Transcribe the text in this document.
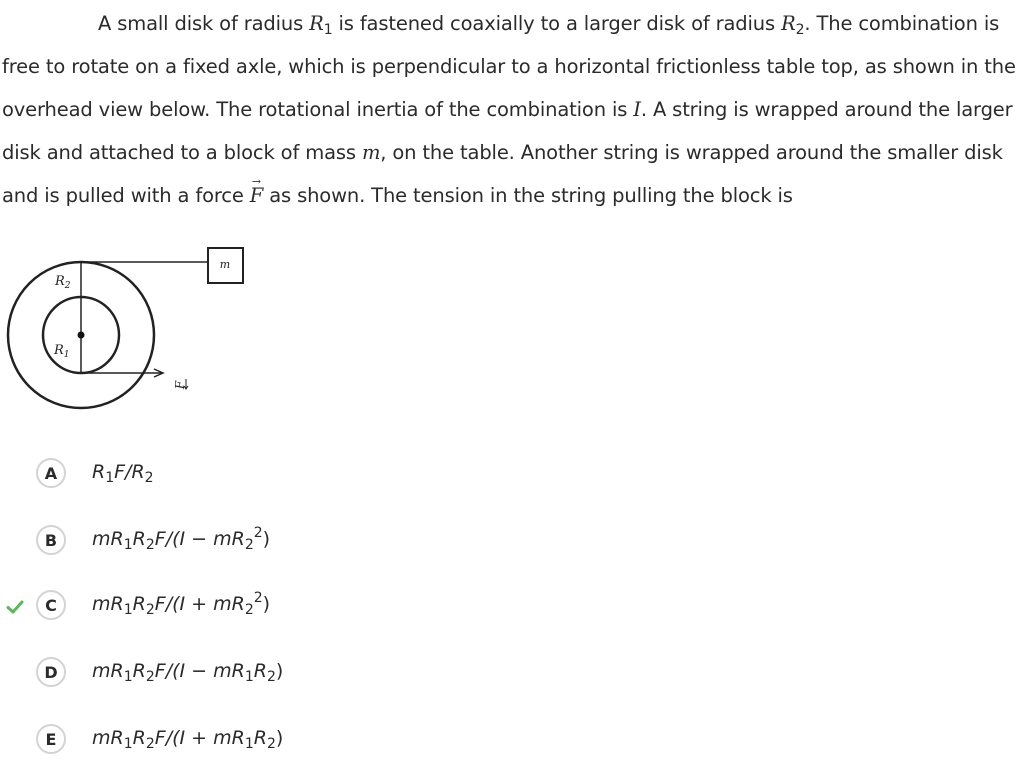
A small disk of radius $R_1$ is fastened coaxially to a larger disk of radius $R_2$. The combination is free to rotate on a fixed axle, which is perpendicular to a horizontal frictionless table top, as shown in the overhead view below. The rotational inertia of the combination is I. A string is wrapped around the larger disk and attached to a block of mass m, on the table. Another string is wrapped around the smaller disk and is pulled with a force → F as shown. The tension in the string pulling the block is
m
$R_2$
$R_1$
F
A	$R_1F/R_2$
B	$mR_1R_2F/(I - mR_2^2)$
C	$mR_1R_2F/(I + mR_2^2)$
D	$mR_1R_2F/(I - mR_1R_2)$
E	$mR_1R_2F/(I + mR_1R_2)$
